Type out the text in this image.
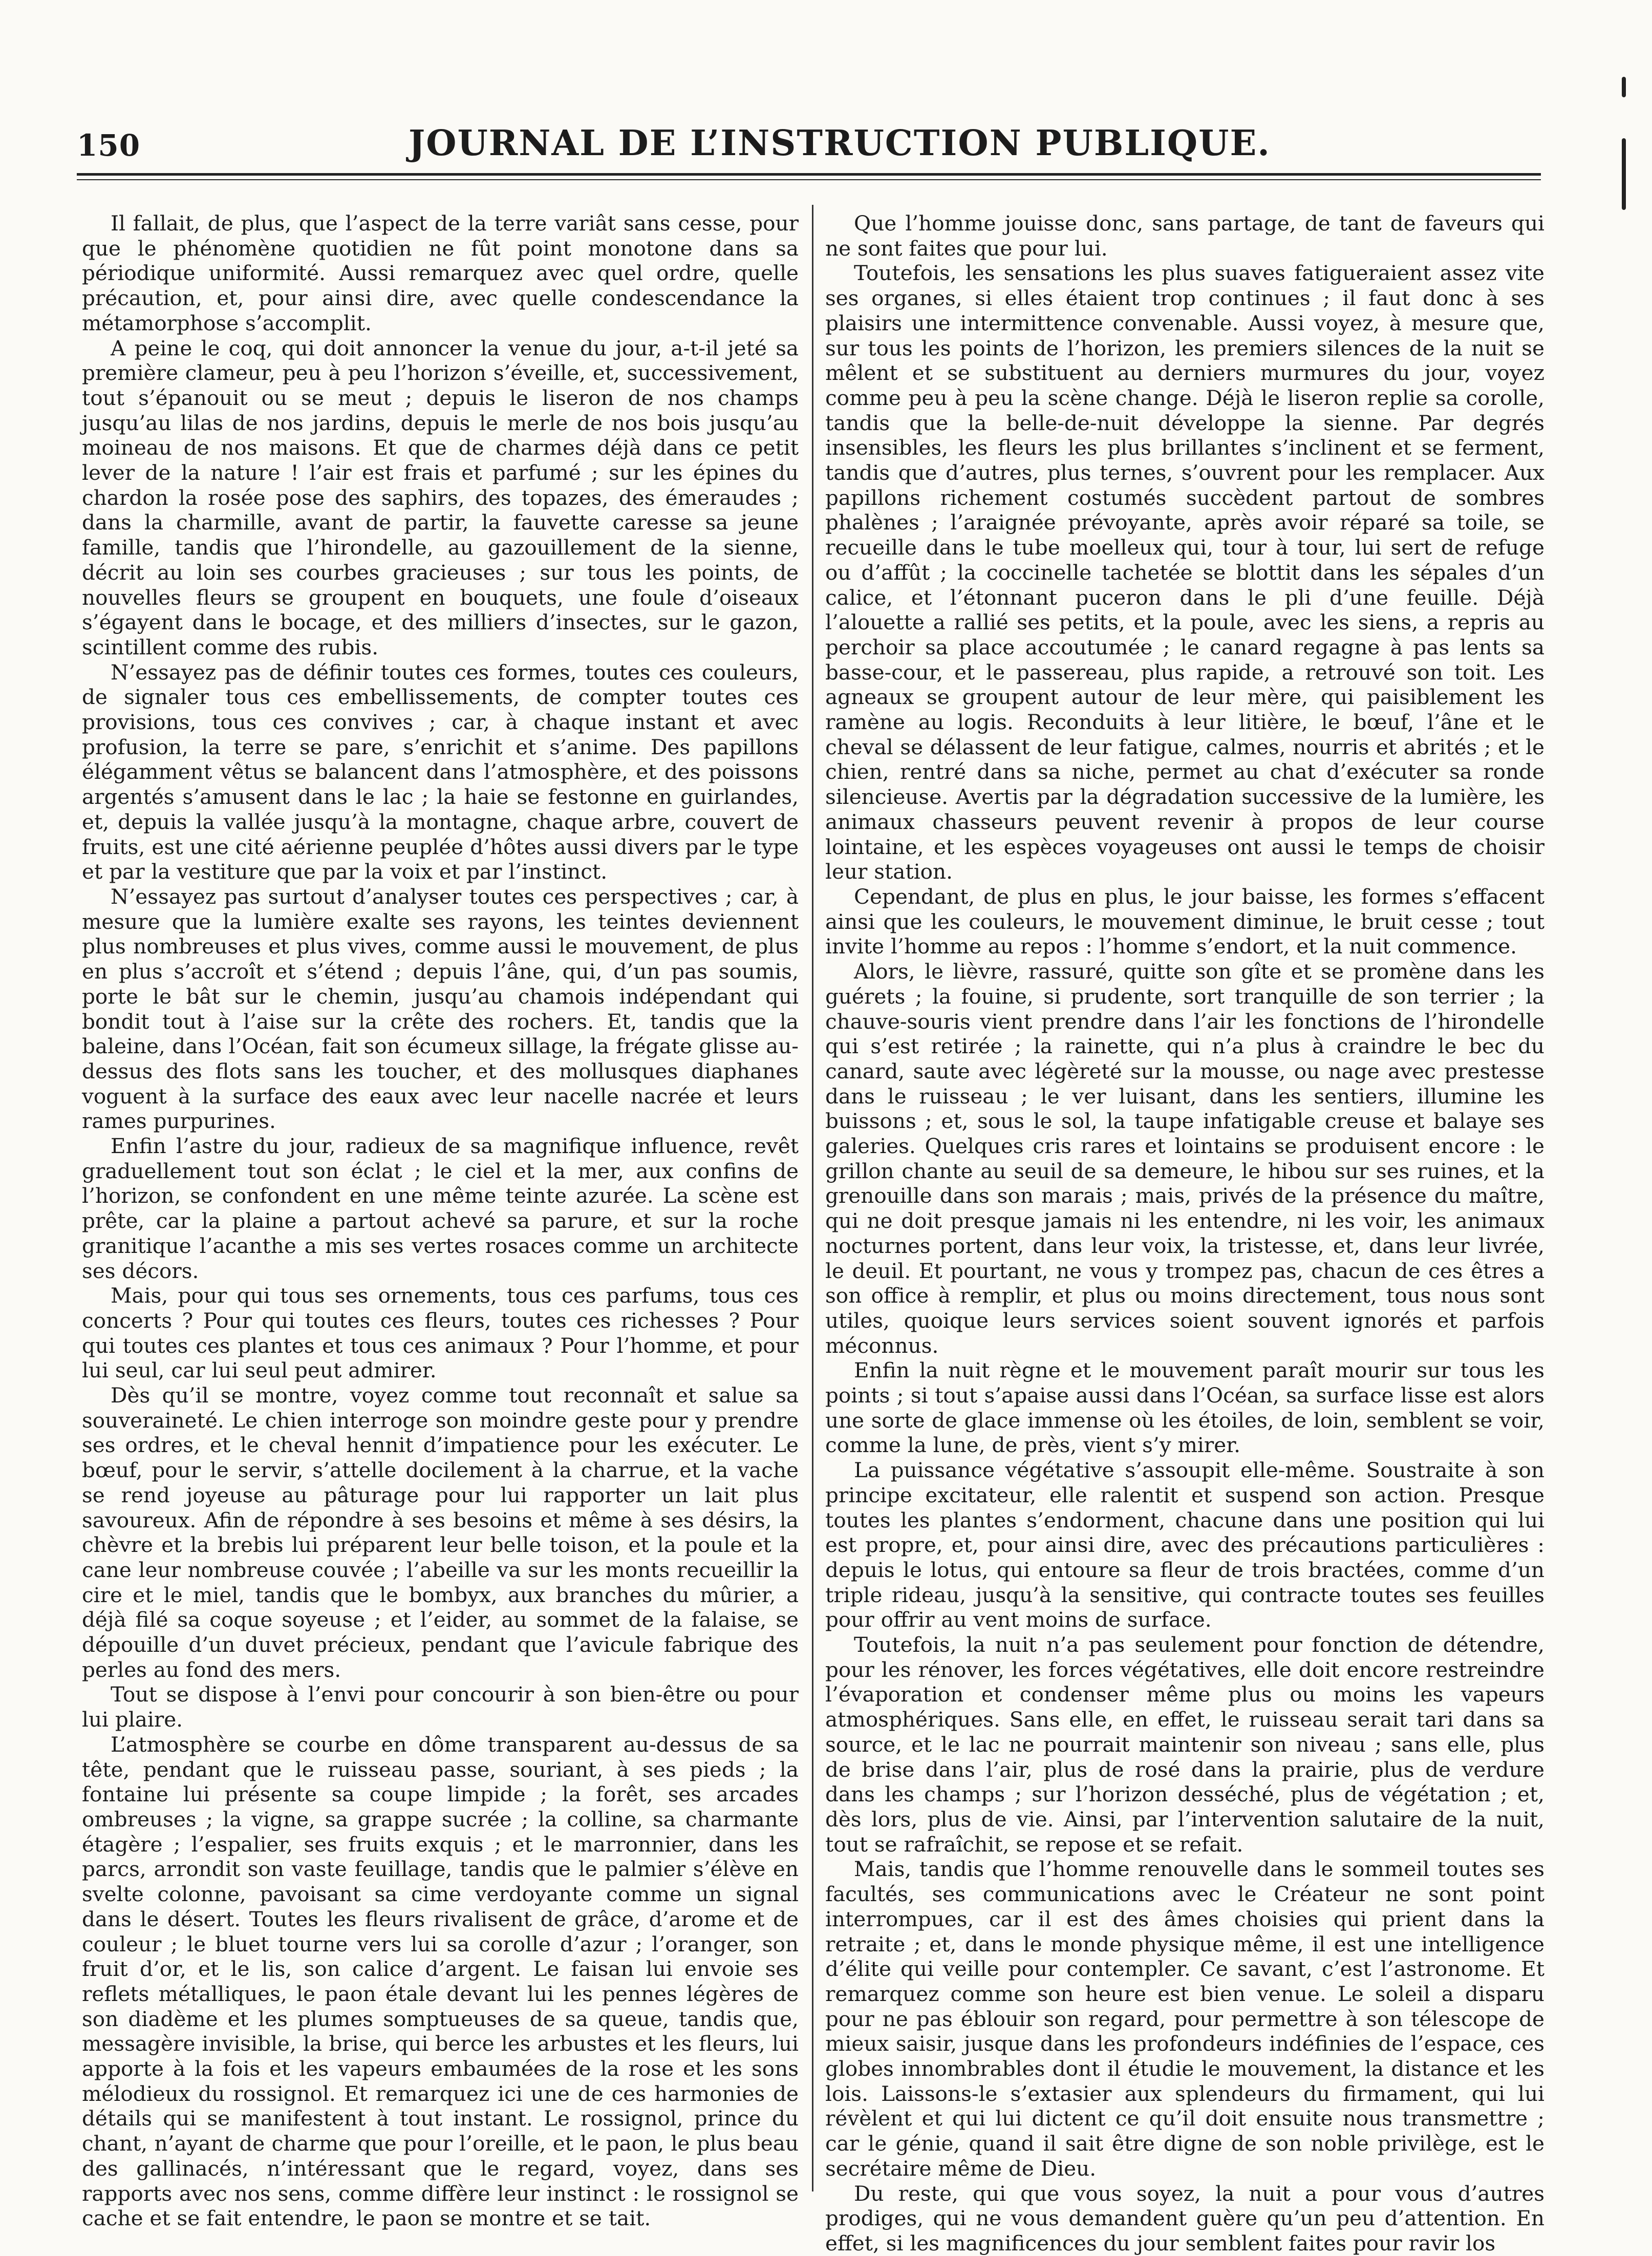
150	JOURNAL DE L’INSTRUCTION PUBLIQUE.

Il fallait, de plus, que l’aspect de la terre variât sans cesse, pour que le phénomène quotidien ne fût point monotone dans sa périodique uniformité. Aussi remarquez avec quel ordre, quelle précaution, et, pour ainsi dire, avec quelle condescendance la métamorphose s’accomplit.

A peine le coq, qui doit annoncer la venue du jour, a-t-il jeté sa première clameur, peu à peu l’horizon s’éveille, et, successivement, tout s’épanouit ou se meut ; depuis le liseron de nos champs jusqu’au lilas de nos jardins, depuis le merle de nos bois jusqu’au moineau de nos maisons. Et que de charmes déjà dans ce petit lever de la nature ! l’air est frais et parfumé ; sur les épines du chardon la rosée pose des saphirs, des topazes, des émeraudes ; dans la charmille, avant de partir, la fauvette caresse sa jeune famille, tandis que l’hirondelle, au gazouillement de la sienne, décrit au loin ses courbes gracieuses ; sur tous les points, de nouvelles fleurs se groupent en bouquets, une foule d’oiseaux s’égayent dans le bocage, et des milliers d’insectes, sur le gazon, scintillent comme des rubis.

N’essayez pas de définir toutes ces formes, toutes ces couleurs, de signaler tous ces embellissements, de compter toutes ces provisions, tous ces convives ; car, à chaque instant et avec profusion, la terre se pare, s’enrichit et s’anime. Des papillons élégamment vêtus se balancent dans l’atmosphère, et des poissons argentés s’amusent dans le lac ; la haie se festonne en guirlandes, et, depuis la vallée jusqu’à la montagne, chaque arbre, couvert de fruits, est une cité aérienne peuplée d’hôtes aussi divers par le type et par la vestiture que par la voix et par l’instinct.

N’essayez pas surtout d’analyser toutes ces perspectives ; car, à mesure que la lumière exalte ses rayons, les teintes deviennent plus nombreuses et plus vives, comme aussi le mouvement, de plus en plus s’accroît et s’étend ; depuis l’âne, qui, d’un pas soumis, porte le bât sur le chemin, jusqu’au chamois indépendant qui bondit tout à l’aise sur la crête des rochers. Et, tandis que la baleine, dans l’Océan, fait son écumeux sillage, la frégate glisse au-dessus des flots sans les toucher, et des mollusques diaphanes voguent à la surface des eaux avec leur nacelle nacrée et leurs rames purpurines.

Enfin l’astre du jour, radieux de sa magnifique influence, revêt graduellement tout son éclat ; le ciel et la mer, aux confins de l’horizon, se confondent en une même teinte azurée. La scène est prête, car la plaine a partout achevé sa parure, et sur la roche granitique l’acanthe a mis ses vertes rosaces comme un architecte ses décors.

Mais, pour qui tous ses ornements, tous ces parfums, tous ces concerts ? Pour qui toutes ces fleurs, toutes ces richesses ? Pour qui toutes ces plantes et tous ces animaux ? Pour l’homme, et pour lui seul, car lui seul peut admirer.

Dès qu’il se montre, voyez comme tout reconnaît et salue sa souveraineté. Le chien interroge son moindre geste pour y prendre ses ordres, et le cheval hennit d’impatience pour les exécuter. Le bœuf, pour le servir, s’attelle docilement à la charrue, et la vache se rend joyeuse au pâturage pour lui rapporter un lait plus savoureux. Afin de répondre à ses besoins et même à ses désirs, la chèvre et la brebis lui préparent leur belle toison, et la poule et la cane leur nombreuse couvée ; l’abeille va sur les monts recueillir la cire et le miel, tandis que le bombyx, aux branches du mûrier, a déjà filé sa coque soyeuse ; et l’eider, au sommet de la falaise, se dépouille d’un duvet précieux, pendant que l’avicule fabrique des perles au fond des mers.

Tout se dispose à l’envi pour concourir à son bien-être ou pour lui plaire.

L’atmosphère se courbe en dôme transparent au-dessus de sa tête, pendant que le ruisseau passe, souriant, à ses pieds ; la fontaine lui présente sa coupe limpide ; la forêt, ses arcades ombreuses ; la vigne, sa grappe sucrée ; la colline, sa charmante étagère ; l’espalier, ses fruits exquis ; et le marronnier, dans les parcs, arrondit son vaste feuillage, tandis que le palmier s’élève en svelte colonne, pavoisant sa cime verdoyante comme un signal dans le désert. Toutes les fleurs rivalisent de grâce, d’arome et de couleur ; le bluet tourne vers lui sa corolle d’azur ; l’oranger, son fruit d’or, et le lis, son calice d’argent. Le faisan lui envoie ses reflets métalliques, le paon étale devant lui les pennes légères de son diadème et les plumes somptueuses de sa queue, tandis que, messagère invisible, la brise, qui berce les arbustes et les fleurs, lui apporte à la fois et les vapeurs embaumées de la rose et les sons mélodieux du rossignol. Et remarquez ici une de ces harmonies de détails qui se manifestent à tout instant. Le rossignol, prince du chant, n’ayant de charme que pour l’oreille, et le paon, le plus beau des gallinacés, n’intéressant que le regard, voyez, dans ses rapports avec nos sens, comme diffère leur instinct : le rossignol se cache et se fait entendre, le paon se montre et se tait.

Que l’homme jouisse donc, sans partage, de tant de faveurs qui ne sont faites que pour lui.

Toutefois, les sensations les plus suaves fatigueraient assez vite ses organes, si elles étaient trop continues ; il faut donc à ses plaisirs une intermittence convenable. Aussi voyez, à mesure que, sur tous les points de l’horizon, les premiers silences de la nuit se mêlent et se substituent au derniers murmures du jour, voyez comme peu à peu la scène change. Déjà le liseron replie sa corolle, tandis que la belle-de-nuit développe la sienne. Par degrés insensibles, les fleurs les plus brillantes s’inclinent et se ferment, tandis que d’autres, plus ternes, s’ouvrent pour les remplacer. Aux papillons richement costumés succèdent partout de sombres phalènes ; l’araignée prévoyante, après avoir réparé sa toile, se recueille dans le tube moelleux qui, tour à tour, lui sert de refuge ou d’affût ; la coccinelle tachetée se blottit dans les sépales d’un calice, et l’étonnant puceron dans le pli d’une feuille. Déjà l’alouette a rallié ses petits, et la poule, avec les siens, a repris au perchoir sa place accoutumée ; le canard regagne à pas lents sa basse-cour, et le passereau, plus rapide, a retrouvé son toit. Les agneaux se groupent autour de leur mère, qui paisiblement les ramène au logis. Reconduits à leur litière, le bœuf, l’âne et le cheval se délassent de leur fatigue, calmes, nourris et abrités ; et le chien, rentré dans sa niche, permet au chat d’exécuter sa ronde silencieuse. Avertis par la dégradation successive de la lumière, les animaux chasseurs peuvent revenir à propos de leur course lointaine, et les espèces voyageuses ont aussi le temps de choisir leur station.

Cependant, de plus en plus, le jour baisse, les formes s’effacent ainsi que les couleurs, le mouvement diminue, le bruit cesse ; tout invite l’homme au repos : l’homme s’endort, et la nuit commence.

Alors, le lièvre, rassuré, quitte son gîte et se promène dans les guérets ; la fouine, si prudente, sort tranquille de son terrier ; la chauve-souris vient prendre dans l’air les fonctions de l’hirondelle qui s’est retirée ; la rainette, qui n’a plus à craindre le bec du canard, saute avec légèreté sur la mousse, ou nage avec prestesse dans le ruisseau ; le ver luisant, dans les sentiers, illumine les buissons ; et, sous le sol, la taupe infatigable creuse et balaye ses galeries. Quelques cris rares et lointains se produisent encore : le grillon chante au seuil de sa demeure, le hibou sur ses ruines, et la grenouille dans son marais ; mais, privés de la présence du maître, qui ne doit presque jamais ni les entendre, ni les voir, les animaux nocturnes portent, dans leur voix, la tristesse, et, dans leur livrée, le deuil. Et pourtant, ne vous y trompez pas, chacun de ces êtres a son office à remplir, et plus ou moins directement, tous nous sont utiles, quoique leurs services soient souvent ignorés et parfois méconnus.

Enfin la nuit règne et le mouvement paraît mourir sur tous les points ; si tout s’apaise aussi dans l’Océan, sa surface lisse est alors une sorte de glace immense où les étoiles, de loin, semblent se voir, comme la lune, de près, vient s’y mirer.

La puissance végétative s’assoupit elle-même. Soustraite à son principe excitateur, elle ralentit et suspend son action. Presque toutes les plantes s’endorment, chacune dans une position qui lui est propre, et, pour ainsi dire, avec des précautions particulières : depuis le lotus, qui entoure sa fleur de trois bractées, comme d’un triple rideau, jusqu’à la sensitive, qui contracte toutes ses feuilles pour offrir au vent moins de surface.

Toutefois, la nuit n’a pas seulement pour fonction de détendre, pour les rénover, les forces végétatives, elle doit encore restreindre l’évaporation et condenser même plus ou moins les vapeurs atmosphériques. Sans elle, en effet, le ruisseau serait tari dans sa source, et le lac ne pourrait maintenir son niveau ; sans elle, plus de brise dans l’air, plus de rosé dans la prairie, plus de verdure dans les champs ; sur l’horizon desséché, plus de végétation ; et, dès lors, plus de vie. Ainsi, par l’intervention salutaire de la nuit, tout se rafraîchit, se repose et se refait.

Mais, tandis que l’homme renouvelle dans le sommeil toutes ses facultés, ses communications avec le Créateur ne sont point interrompues, car il est des âmes choisies qui prient dans la retraite ; et, dans le monde physique même, il est une intelligence d’élite qui veille pour contempler. Ce savant, c’est l’astronome. Et remarquez comme son heure est bien venue. Le soleil a disparu pour ne pas éblouir son regard, pour permettre à son télescope de mieux saisir, jusque dans les profondeurs indéfinies de l’espace, ces globes innombrables dont il étudie le mouvement, la distance et les lois. Laissons-le s’extasier aux splendeurs du firmament, qui lui révèlent et qui lui dictent ce qu’il doit ensuite nous transmettre ; car le génie, quand il sait être digne de son noble privilège, est le secrétaire même de Dieu.

Du reste, qui que vous soyez, la nuit a pour vous d’autres prodiges, qui ne vous demandent guère qu’un peu d’attention. En effet, si les magnificences du jour semblent faites pour ravir los
